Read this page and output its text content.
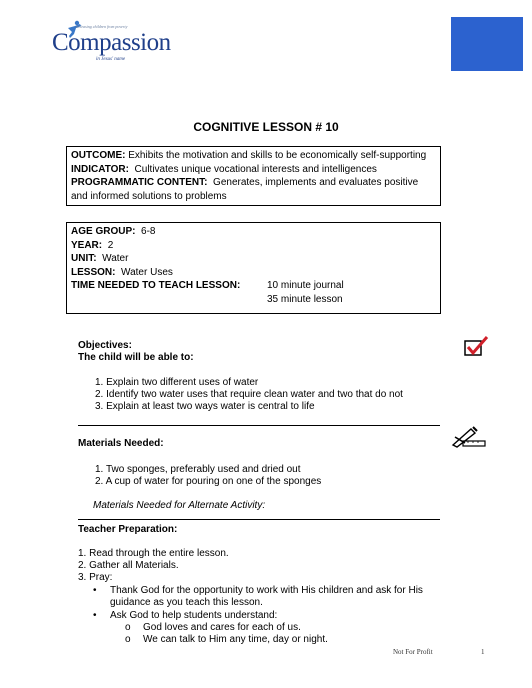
Releasing children from poverty
Compassion
in Jesus' name
COGNITIVE LESSON # 10
OUTCOME: Exhibits the motivation and skills to be economically self-supporting
INDICATOR: Cultivates unique vocational interests and intelligences
PROGRAMMATIC CONTENT: Generates, implements and evaluates positive
and informed solutions to problems
AGE GROUP: 6-8
YEAR: 2
UNIT: Water
LESSON: Water Uses
TIME NEEDED TO TEACH LESSON:	10 minute journal
35 minute lesson
Objectives:
The child will be able to:
1. Explain two different uses of water
2. Identify two water uses that require clean water and two that do not
3. Explain at least two ways water is central to life
Materials Needed:
1. Two sponges, preferably used and dried out
2. A cup of water for pouring on one of the sponges
Materials Needed for Alternate Activity:
Teacher Preparation:
1. Read through the entire lesson.
2. Gather all Materials.
3. Pray:
• Thank God for the opportunity to work with His children and ask for His
guidance as you teach this lesson.
• Ask God to help students understand:
o God loves and cares for each of us.
o We can talk to Him any time, day or night.
Not For Profit	1
